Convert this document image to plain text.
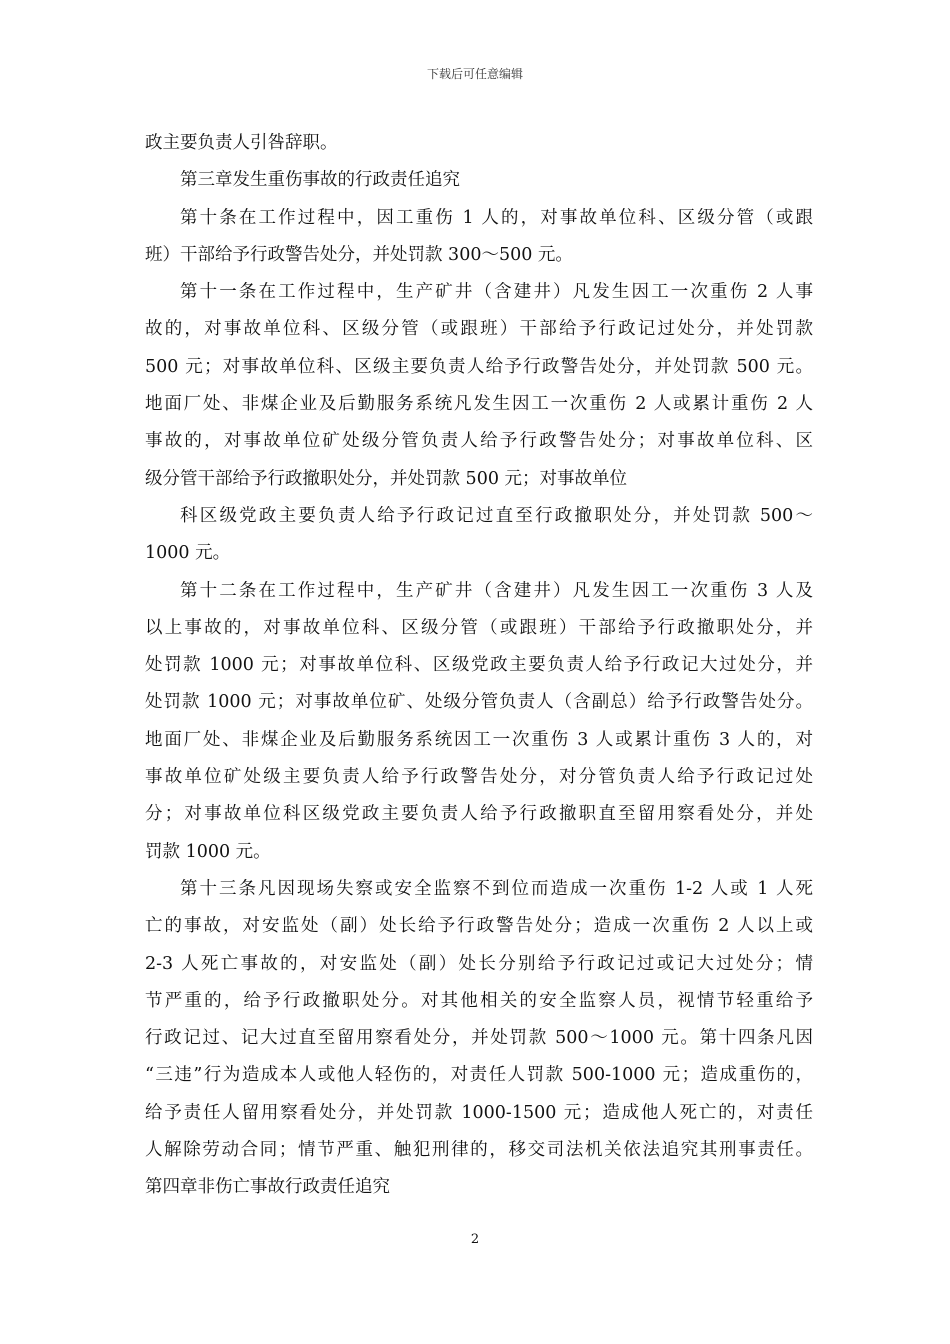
下载后可任意编辑
政主要负责人引咎辞职。
第三章发生重伤事故的行政责任追究
第十条在工作过程中，因工重伤 1 人的，对事故单位科、区级分管（或跟
班）干部给予行政警告处分，并处罚款 300～500 元。
第十一条在工作过程中，生产矿井（含建井）凡发生因工一次重伤 2 人事
故的，对事故单位科、区级分管（或跟班）干部给予行政记过处分，并处罚款
500 元；对事故单位科、区级主要负责人给予行政警告处分，并处罚款 500 元。
地面厂处、非煤企业及后勤服务系统凡发生因工一次重伤 2 人或累计重伤 2 人
事故的，对事故单位矿处级分管负责人给予行政警告处分；对事故单位科、区
级分管干部给予行政撤职处分，并处罚款 500 元；对事故单位
科区级党政主要负责人给予行政记过直至行政撤职处分，并处罚款 500～
1000 元。
第十二条在工作过程中，生产矿井（含建井）凡发生因工一次重伤 3 人及
以上事故的，对事故单位科、区级分管（或跟班）干部给予行政撤职处分，并
处罚款 1000 元；对事故单位科、区级党政主要负责人给予行政记大过处分，并
处罚款 1000 元；对事故单位矿、处级分管负责人（含副总）给予行政警告处分。
地面厂处、非煤企业及后勤服务系统因工一次重伤 3 人或累计重伤 3 人的，对
事故单位矿处级主要负责人给予行政警告处分，对分管负责人给予行政记过处
分；对事故单位科区级党政主要负责人给予行政撤职直至留用察看处分，并处
罚款 1000 元。
第十三条凡因现场失察或安全监察不到位而造成一次重伤 1-2 人或 1 人死
亡的事故，对安监处（副）处长给予行政警告处分；造成一次重伤 2 人以上或
2-3 人死亡事故的，对安监处（副）处长分别给予行政记过或记大过处分；情
节严重的，给予行政撤职处分。对其他相关的安全监察人员，视情节轻重给予
行政记过、记大过直至留用察看处分，并处罚款 500～1000 元。第十四条凡因
“三违”行为造成本人或他人轻伤的，对责任人罚款 500-1000 元；造成重伤的，
给予责任人留用察看处分，并处罚款 1000-1500 元；造成他人死亡的，对责任
人解除劳动合同；情节严重、触犯刑律的，移交司法机关依法追究其刑事责任。
第四章非伤亡事故行政责任追究
2
